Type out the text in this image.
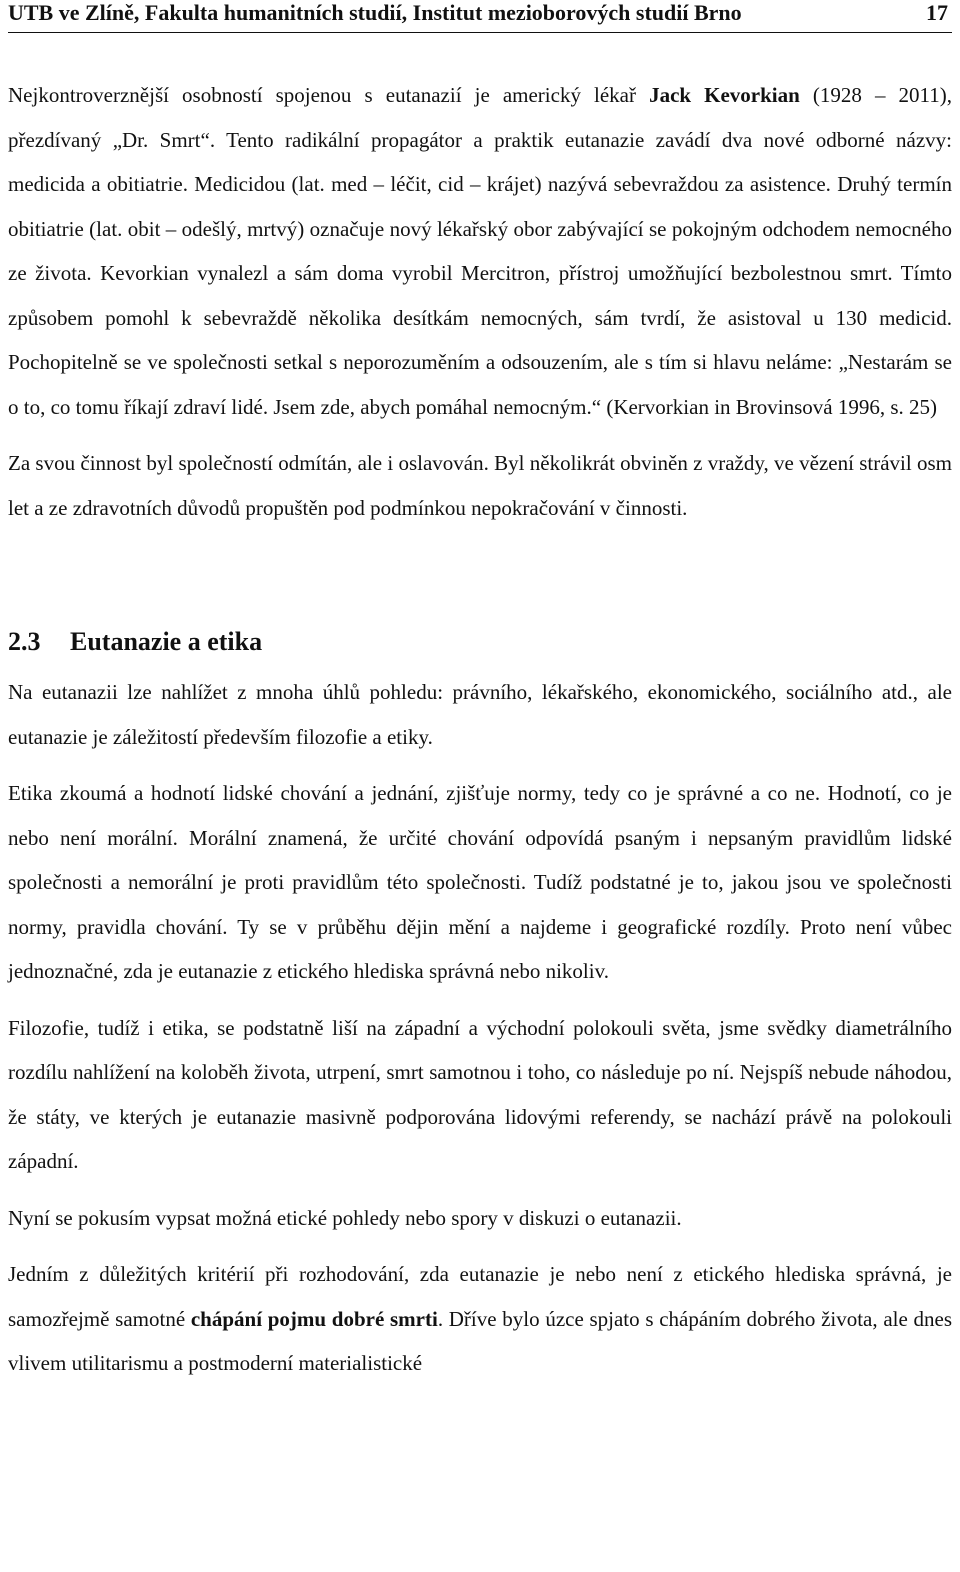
UTB ve Zlíně, Fakulta humanitních studií, Institut mezioborových studií Brno	17

Nejkontroverznější osobností spojenou s eutanazií je americký lékař Jack Kevorkian (1928 – 2011), přezdívaný „Dr. Smrt“. Tento radikální propagátor a praktik eutanazie zavádí dva nové odborné názvy: medicida a obitiatrie. Medicidou (lat. med – léčit, cid – krájet) nazývá sebevraždou za asistence. Druhý termín obitiatrie (lat. obit – odešlý, mrtvý) označuje nový lékařský obor zabývající se pokojným odchodem nemocného ze života. Kevorkian vynalezl a sám doma vyrobil Mercitron, přístroj umožňující bezbolestnou smrt. Tímto způsobem pomohl k sebevraždě několika desítkám nemocných, sám tvrdí, že asistoval u 130 medicid. Pochopitelně se ve společnosti setkal s neporozuměním a odsouzením, ale s tím si hlavu neláme: „Nestarám se o to, co tomu říkají zdraví lidé. Jsem zde, abych pomáhal nemocným.“ (Kervorkian in Brovinsová 1996, s. 25)

Za svou činnost byl společností odmítán, ale i oslavován. Byl několikrát obviněn z vraždy, ve vězení strávil osm let a ze zdravotních důvodů propuštěn pod podmínkou nepokračování v činnosti.

2.3 Eutanazie a etika

Na eutanazii lze nahlížet z mnoha úhlů pohledu: právního, lékařského, ekonomického, sociálního atd., ale eutanazie je záležitostí především filozofie a etiky.

Etika zkoumá a hodnotí lidské chování a jednání, zjišťuje normy, tedy co je správné a co ne. Hodnotí, co je nebo není morální. Morální znamená, že určité chování odpovídá psaným i nepsaným pravidlům lidské společnosti a nemorální je proti pravidlům této společnosti. Tudíž podstatné je to, jakou jsou ve společnosti normy, pravidla chování. Ty se v průběhu dějin mění a najdeme i geografické rozdíly. Proto není vůbec jednoznačné, zda je eutanazie z etického hlediska správná nebo nikoliv.

Filozofie, tudíž i etika, se podstatně liší na západní a východní polokouli světa, jsme svědky diametrálního rozdílu nahlížení na koloběh života, utrpení, smrt samotnou i toho, co následuje po ní. Nejspíš nebude náhodou, že státy, ve kterých je eutanazie masivně podporována lidovými referendy, se nachází právě na polokouli západní.

Nyní se pokusím vypsat možná etické pohledy nebo spory v diskuzi o eutanazii.

Jedním z důležitých kritérií při rozhodování, zda eutanazie je nebo není z etického hlediska správná, je samozřejmě samotné chápání pojmu dobré smrti. Dříve bylo úzce spjato s chápáním dobrého života, ale dnes vlivem utilitarismu a postmoderní materialistické
